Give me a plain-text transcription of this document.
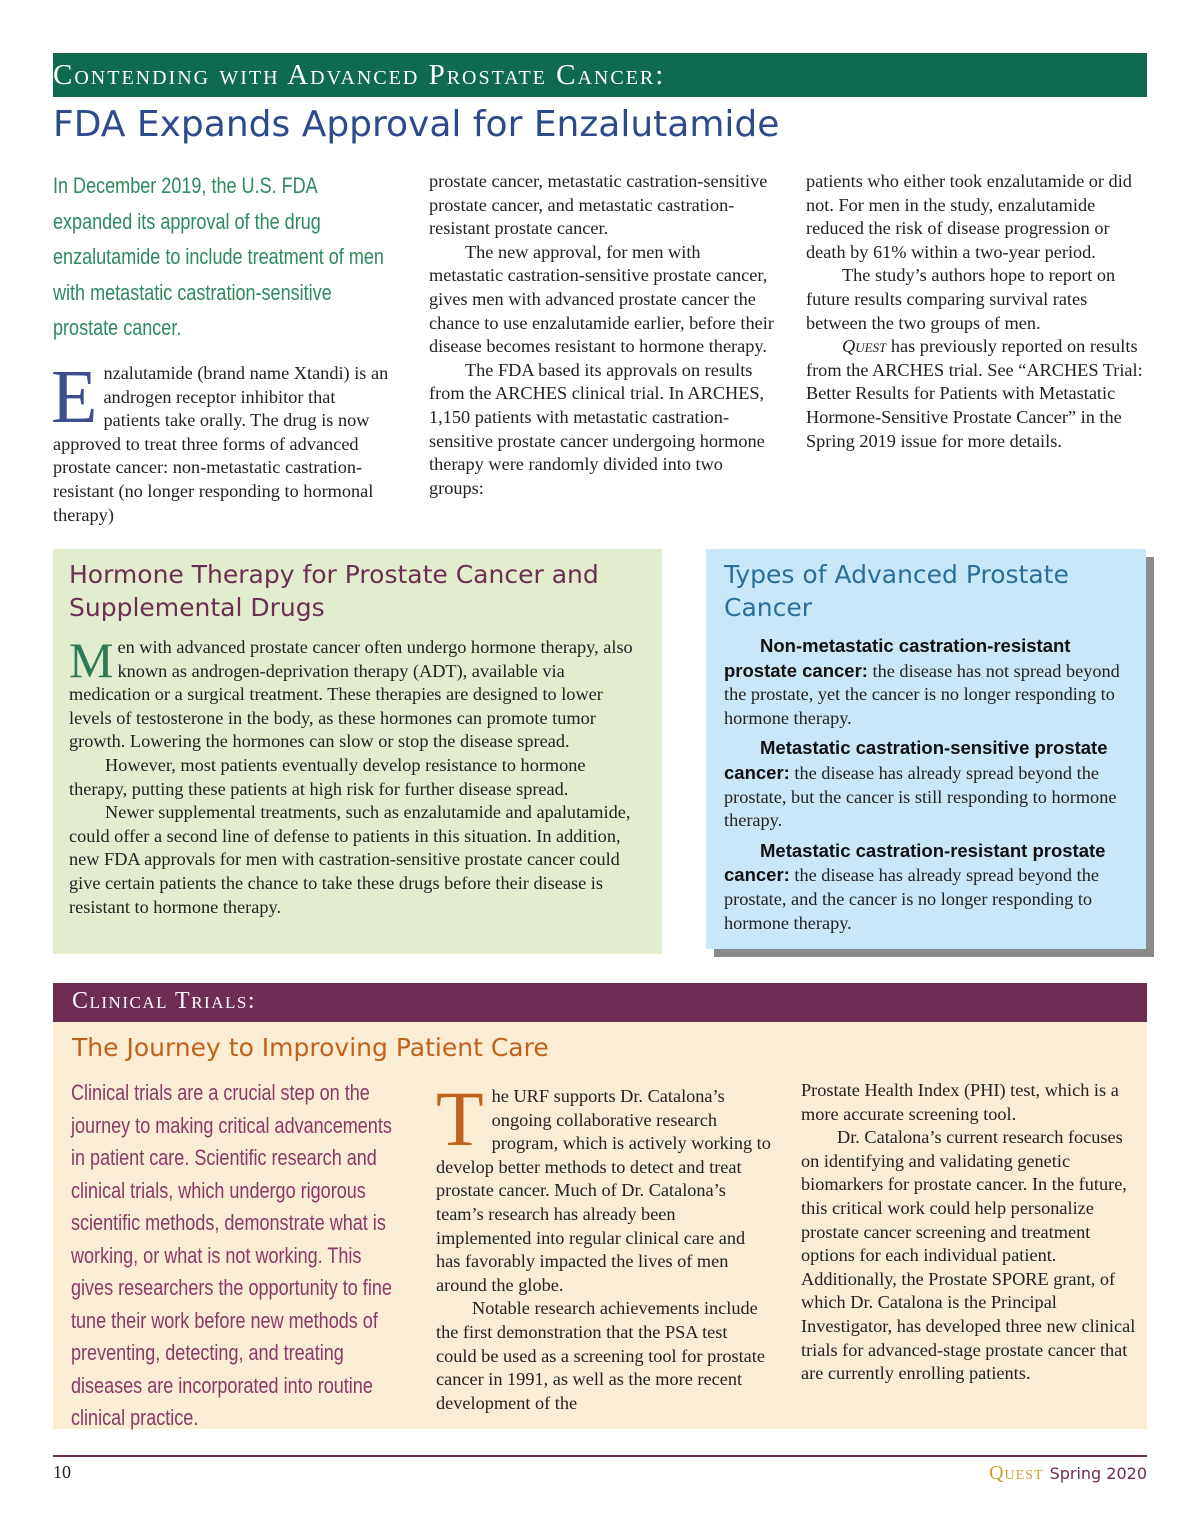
Contending with Advanced Prostate Cancer:
FDA Expands Approval for Enzalutamide
In December 2019, the U.S. FDA expanded its approval of the drug enzalutamide to include treatment of men with metastatic castration-sensitive prostate cancer.

Enzalutamide (brand name Xtandi) is an androgen receptor inhibitor that patients take orally. The drug is now approved to treat three forms of advanced prostate cancer: non-metastatic castration-resistant (no longer responding to hormonal therapy)

prostate cancer, metastatic castration-sensitive prostate cancer, and metastatic castration-resistant prostate cancer.

The new approval, for men with metastatic castration-sensitive prostate cancer, gives men with advanced prostate cancer the chance to use enzalutamide earlier, before their disease becomes resistant to hormone therapy.

The FDA based its approvals on results from the ARCHES clinical trial. In ARCHES, 1,150 patients with metastatic castration-sensitive prostate cancer undergoing hormone therapy were randomly divided into two groups:

patients who either took enzalutamide or did not. For men in the study, enzalutamide reduced the risk of disease progression or death by 61% within a two-year period.

The study’s authors hope to report on future results comparing survival rates between the two groups of men.

Quest has previously reported on results from the ARCHES trial. See “ARCHES Trial: Better Results for Patients with Metastatic Hormone-Sensitive Prostate Cancer” in the Spring 2019 issue for more details.

Hormone Therapy for Prostate Cancer and Supplemental Drugs

Men with advanced prostate cancer often undergo hormone therapy, also known as androgen-deprivation therapy (ADT), available via medication or a surgical treatment. These therapies are designed to lower levels of testosterone in the body, as these hormones can promote tumor growth. Lowering the hormones can slow or stop the disease spread.

However, most patients eventually develop resistance to hormone therapy, putting these patients at high risk for further disease spread.

Newer supplemental treatments, such as enzalutamide and apalutamide, could offer a second line of defense to patients in this situation. In addition, new FDA approvals for men with castration-sensitive prostate cancer could give certain patients the chance to take these drugs before their disease is resistant to hormone therapy.

Types of Advanced Prostate Cancer

Non-metastatic castration-resistant prostate cancer: the disease has not spread beyond the prostate, yet the cancer is no longer responding to hormone therapy.

Metastatic castration-sensitive prostate cancer: the disease has already spread beyond the prostate, but the cancer is still responding to hormone therapy.

Metastatic castration-resistant prostate cancer: the disease has already spread beyond the prostate, and the cancer is no longer responding to hormone therapy.

Clinical Trials:
The Journey to Improving Patient Care
Clinical trials are a crucial step on the journey to making critical advancements in patient care. Scientific research and clinical trials, which undergo rigorous scientific methods, demonstrate what is working, or what is not working. This gives researchers the opportunity to fine tune their work before new methods of preventing, detecting, and treating diseases are incorporated into routine clinical practice.

The URF supports Dr. Catalona’s ongoing collaborative research program, which is actively working to develop better methods to detect and treat prostate cancer. Much of Dr. Catalona’s team’s research has already been implemented into regular clinical care and has favorably impacted the lives of men around the globe.

Notable research achievements include the first demonstration that the PSA test could be used as a screening tool for prostate cancer in 1991, as well as the more recent development of the

Prostate Health Index (PHI) test, which is a more accurate screening tool.

Dr. Catalona’s current research focuses on identifying and validating genetic biomarkers for prostate cancer. In the future, this critical work could help personalize prostate cancer screening and treatment options for each individual patient. Additionally, the Prostate SPORE grant, of which Dr. Catalona is the Principal Investigator, has developed three new clinical trials for advanced-stage prostate cancer that are currently enrolling patients.

10	Quest Spring 2020
